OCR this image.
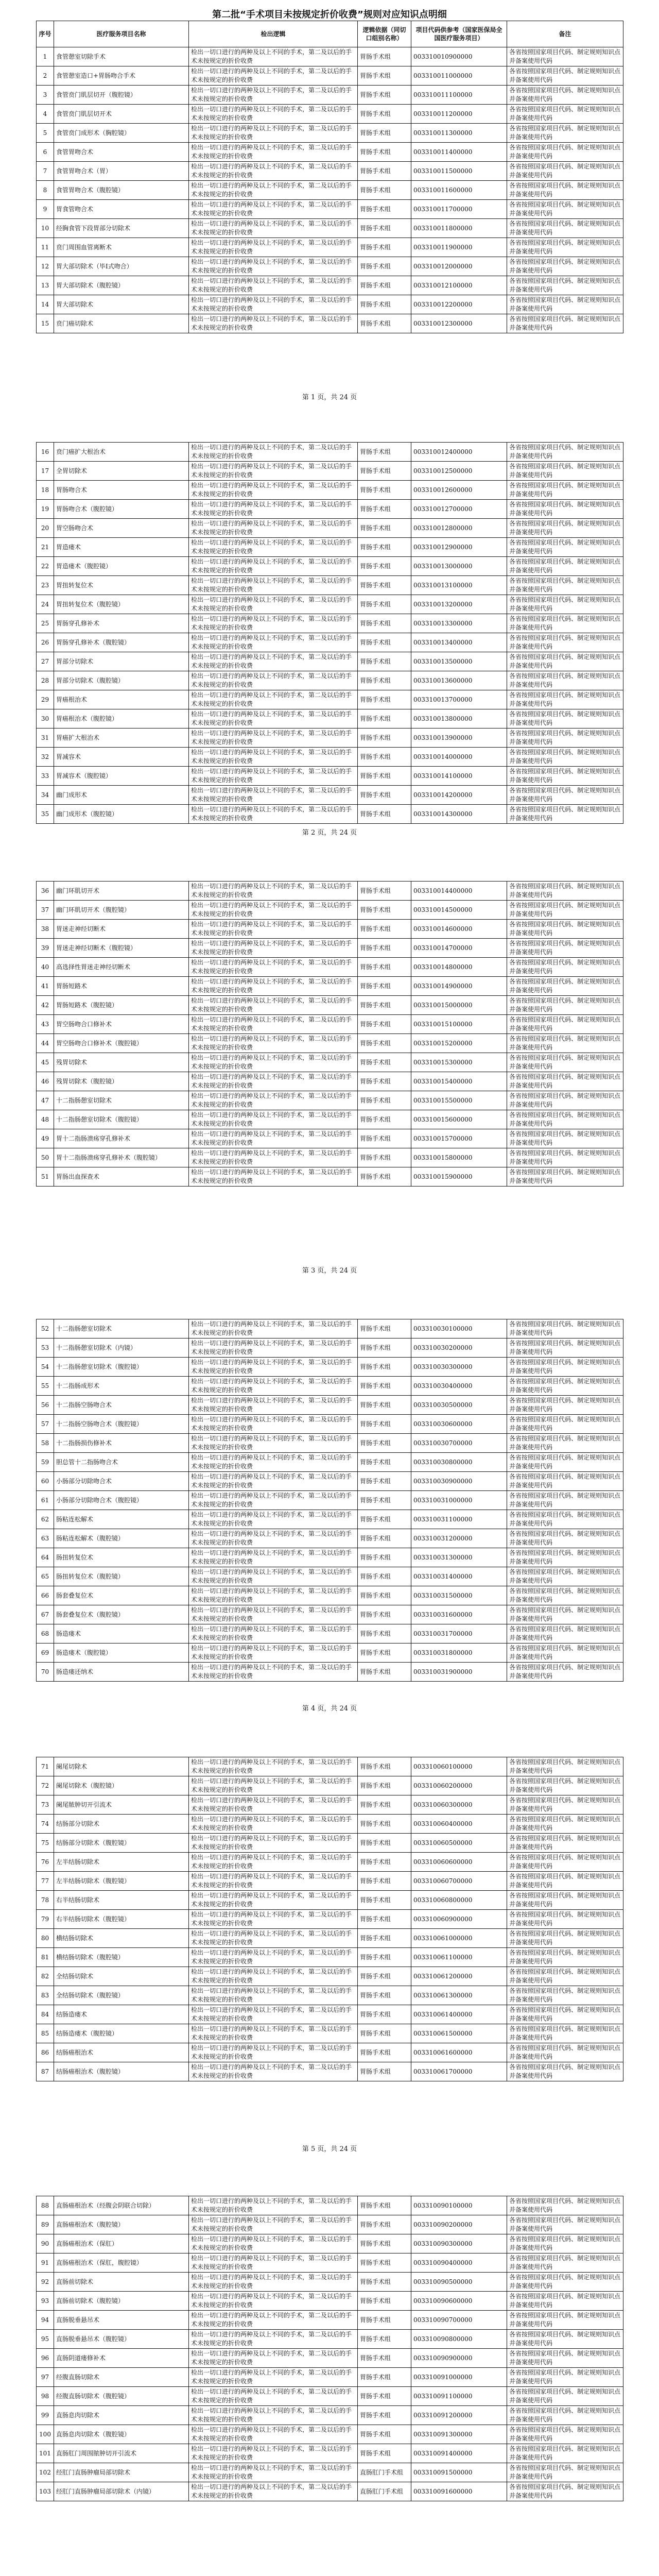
第二批“手术项目未按规定折价收费”规则对应知识点明细
序号	医疗服务项目名称	检出逻辑	逻辑依据（同切口组别名称）	项目代码供参考（国家医保局全国医疗服务项目）	备注
1	食管憩室切除手术	检出一切口进行的两种及以上不同的手术，第二及以后的手术未按规定的折价收费	胃肠手术组	003310010900000	各省按照国家项目代码、制定规则知识点并备案使用代码
2	食管憩室造口+胃肠吻合手术	检出一切口进行的两种及以上不同的手术，第二及以后的手术未按规定的折价收费	胃肠手术组	003310011000000	各省按照国家项目代码、制定规则知识点并备案使用代码
3	食管贲门肌层切开（腹腔镜）	检出一切口进行的两种及以上不同的手术，第二及以后的手术未按规定的折价收费	胃肠手术组	003310011100000	各省按照国家项目代码、制定规则知识点并备案使用代码
4	食管贲门肌层切开术	检出一切口进行的两种及以上不同的手术，第二及以后的手术未按规定的折价收费	胃肠手术组	003310011200000	各省按照国家项目代码、制定规则知识点并备案使用代码
5	食管贲门成形术（胸腔镜）	检出一切口进行的两种及以上不同的手术，第二及以后的手术未按规定的折价收费	胃肠手术组	003310011300000	各省按照国家项目代码、制定规则知识点并备案使用代码
6	食管胃吻合术	检出一切口进行的两种及以上不同的手术，第二及以后的手术未按规定的折价收费	胃肠手术组	003310011400000	各省按照国家项目代码、制定规则知识点并备案使用代码
7	食管胃吻合术（胃）	检出一切口进行的两种及以上不同的手术，第二及以后的手术未按规定的折价收费	胃肠手术组	003310011500000	各省按照国家项目代码、制定规则知识点并备案使用代码
8	食管胃吻合术（腹腔镜）	检出一切口进行的两种及以上不同的手术，第二及以后的手术未按规定的折价收费	胃肠手术组	003310011600000	各省按照国家项目代码、制定规则知识点并备案使用代码
9	胃食管吻合术	检出一切口进行的两种及以上不同的手术，第二及以后的手术未按规定的折价收费	胃肠手术组	003310011700000	各省按照国家项目代码、制定规则知识点并备案使用代码
10	经胸食管下段胃部分切除术	检出一切口进行的两种及以上不同的手术，第二及以后的手术未按规定的折价收费	胃肠手术组	003310011800000	各省按照国家项目代码、制定规则知识点并备案使用代码
11	贲门周围血管离断术	检出一切口进行的两种及以上不同的手术，第二及以后的手术未按规定的折价收费	胃肠手术组	003310011900000	各省按照国家项目代码、制定规则知识点并备案使用代码
12	胃大部切除术（毕I式吻合）	检出一切口进行的两种及以上不同的手术，第二及以后的手术未按规定的折价收费	胃肠手术组	003310012000000	各省按照国家项目代码、制定规则知识点并备案使用代码
13	胃大部切除术（腹腔镜）	检出一切口进行的两种及以上不同的手术，第二及以后的手术未按规定的折价收费	胃肠手术组	003310012100000	各省按照国家项目代码、制定规则知识点并备案使用代码
14	胃大部切除术	检出一切口进行的两种及以上不同的手术，第二及以后的手术未按规定的折价收费	胃肠手术组	003310012200000	各省按照国家项目代码、制定规则知识点并备案使用代码
15	贲门癌切除术	检出一切口进行的两种及以上不同的手术，第二及以后的手术未按规定的折价收费	胃肠手术组	003310012300000	各省按照国家项目代码、制定规则知识点并备案使用代码
第 1 页，共 24 页
16	贲门癌扩大根治术	检出一切口进行的两种及以上不同的手术，第二及以后的手术未按规定的折价收费	胃肠手术组	003310012400000	各省按照国家项目代码、制定规则知识点并备案使用代码
17	全胃切除术	检出一切口进行的两种及以上不同的手术，第二及以后的手术未按规定的折价收费	胃肠手术组	003310012500000	各省按照国家项目代码、制定规则知识点并备案使用代码
18	胃肠吻合术	检出一切口进行的两种及以上不同的手术，第二及以后的手术未按规定的折价收费	胃肠手术组	003310012600000	各省按照国家项目代码、制定规则知识点并备案使用代码
19	胃肠吻合术（腹腔镜）	检出一切口进行的两种及以上不同的手术，第二及以后的手术未按规定的折价收费	胃肠手术组	003310012700000	各省按照国家项目代码、制定规则知识点并备案使用代码
20	胃空肠吻合术	检出一切口进行的两种及以上不同的手术，第二及以后的手术未按规定的折价收费	胃肠手术组	003310012800000	各省按照国家项目代码、制定规则知识点并备案使用代码
21	胃造瘘术	检出一切口进行的两种及以上不同的手术，第二及以后的手术未按规定的折价收费	胃肠手术组	003310012900000	各省按照国家项目代码、制定规则知识点并备案使用代码
22	胃造瘘术（腹腔镜）	检出一切口进行的两种及以上不同的手术，第二及以后的手术未按规定的折价收费	胃肠手术组	003310013000000	各省按照国家项目代码、制定规则知识点并备案使用代码
23	胃扭转复位术	检出一切口进行的两种及以上不同的手术，第二及以后的手术未按规定的折价收费	胃肠手术组	003310013100000	各省按照国家项目代码、制定规则知识点并备案使用代码
24	胃扭转复位术（腹腔镜）	检出一切口进行的两种及以上不同的手术，第二及以后的手术未按规定的折价收费	胃肠手术组	003310013200000	各省按照国家项目代码、制定规则知识点并备案使用代码
25	胃肠穿孔修补术	检出一切口进行的两种及以上不同的手术，第二及以后的手术未按规定的折价收费	胃肠手术组	003310013300000	各省按照国家项目代码、制定规则知识点并备案使用代码
26	胃肠穿孔修补术（腹腔镜）	检出一切口进行的两种及以上不同的手术，第二及以后的手术未按规定的折价收费	胃肠手术组	003310013400000	各省按照国家项目代码、制定规则知识点并备案使用代码
27	胃部分切除术	检出一切口进行的两种及以上不同的手术，第二及以后的手术未按规定的折价收费	胃肠手术组	003310013500000	各省按照国家项目代码、制定规则知识点并备案使用代码
28	胃部分切除术（腹腔镜）	检出一切口进行的两种及以上不同的手术，第二及以后的手术未按规定的折价收费	胃肠手术组	003310013600000	各省按照国家项目代码、制定规则知识点并备案使用代码
29	胃癌根治术	检出一切口进行的两种及以上不同的手术，第二及以后的手术未按规定的折价收费	胃肠手术组	003310013700000	各省按照国家项目代码、制定规则知识点并备案使用代码
30	胃癌根治术（腹腔镜）	检出一切口进行的两种及以上不同的手术，第二及以后的手术未按规定的折价收费	胃肠手术组	003310013800000	各省按照国家项目代码、制定规则知识点并备案使用代码
31	胃癌扩大根治术	检出一切口进行的两种及以上不同的手术，第二及以后的手术未按规定的折价收费	胃肠手术组	003310013900000	各省按照国家项目代码、制定规则知识点并备案使用代码
32	胃减容术	检出一切口进行的两种及以上不同的手术，第二及以后的手术未按规定的折价收费	胃肠手术组	003310014000000	各省按照国家项目代码、制定规则知识点并备案使用代码
33	胃减容术（腹腔镜）	检出一切口进行的两种及以上不同的手术，第二及以后的手术未按规定的折价收费	胃肠手术组	003310014100000	各省按照国家项目代码、制定规则知识点并备案使用代码
34	幽门成形术	检出一切口进行的两种及以上不同的手术，第二及以后的手术未按规定的折价收费	胃肠手术组	003310014200000	各省按照国家项目代码、制定规则知识点并备案使用代码
35	幽门成形术（腹腔镜）	检出一切口进行的两种及以上不同的手术，第二及以后的手术未按规定的折价收费	胃肠手术组	003310014300000	各省按照国家项目代码、制定规则知识点并备案使用代码
第 2 页，共 24 页
36	幽门环肌切开术	检出一切口进行的两种及以上不同的手术，第二及以后的手术未按规定的折价收费	胃肠手术组	003310014400000	各省按照国家项目代码、制定规则知识点并备案使用代码
37	幽门环肌切开术（腹腔镜）	检出一切口进行的两种及以上不同的手术，第二及以后的手术未按规定的折价收费	胃肠手术组	003310014500000	各省按照国家项目代码、制定规则知识点并备案使用代码
38	胃迷走神经切断术	检出一切口进行的两种及以上不同的手术，第二及以后的手术未按规定的折价收费	胃肠手术组	003310014600000	各省按照国家项目代码、制定规则知识点并备案使用代码
39	胃迷走神经切断术（腹腔镜）	检出一切口进行的两种及以上不同的手术，第二及以后的手术未按规定的折价收费	胃肠手术组	003310014700000	各省按照国家项目代码、制定规则知识点并备案使用代码
40	高选择性胃迷走神经切断术	检出一切口进行的两种及以上不同的手术，第二及以后的手术未按规定的折价收费	胃肠手术组	003310014800000	各省按照国家项目代码、制定规则知识点并备案使用代码
41	胃肠短路术	检出一切口进行的两种及以上不同的手术，第二及以后的手术未按规定的折价收费	胃肠手术组	003310014900000	各省按照国家项目代码、制定规则知识点并备案使用代码
42	胃肠短路术（腹腔镜）	检出一切口进行的两种及以上不同的手术，第二及以后的手术未按规定的折价收费	胃肠手术组	003310015000000	各省按照国家项目代码、制定规则知识点并备案使用代码
43	胃空肠吻合口修补术	检出一切口进行的两种及以上不同的手术，第二及以后的手术未按规定的折价收费	胃肠手术组	003310015100000	各省按照国家项目代码、制定规则知识点并备案使用代码
44	胃空肠吻合口修补术（腹腔镜）	检出一切口进行的两种及以上不同的手术，第二及以后的手术未按规定的折价收费	胃肠手术组	003310015200000	各省按照国家项目代码、制定规则知识点并备案使用代码
45	残胃切除术	检出一切口进行的两种及以上不同的手术，第二及以后的手术未按规定的折价收费	胃肠手术组	003310015300000	各省按照国家项目代码、制定规则知识点并备案使用代码
46	残胃切除术（腹腔镜）	检出一切口进行的两种及以上不同的手术，第二及以后的手术未按规定的折价收费	胃肠手术组	003310015400000	各省按照国家项目代码、制定规则知识点并备案使用代码
47	十二指肠憩室切除术	检出一切口进行的两种及以上不同的手术，第二及以后的手术未按规定的折价收费	胃肠手术组	003310015500000	各省按照国家项目代码、制定规则知识点并备案使用代码
48	十二指肠憩室切除术（腹腔镜）	检出一切口进行的两种及以上不同的手术，第二及以后的手术未按规定的折价收费	胃肠手术组	003310015600000	各省按照国家项目代码、制定规则知识点并备案使用代码
49	胃十二指肠溃疡穿孔修补术	检出一切口进行的两种及以上不同的手术，第二及以后的手术未按规定的折价收费	胃肠手术组	003310015700000	各省按照国家项目代码、制定规则知识点并备案使用代码
50	胃十二指肠溃疡穿孔修补术（腹腔镜）	检出一切口进行的两种及以上不同的手术，第二及以后的手术未按规定的折价收费	胃肠手术组	003310015800000	各省按照国家项目代码、制定规则知识点并备案使用代码
51	胃肠出血探查术	检出一切口进行的两种及以上不同的手术，第二及以后的手术未按规定的折价收费	胃肠手术组	003310015900000	各省按照国家项目代码、制定规则知识点并备案使用代码
第 3 页，共 24 页
52	十二指肠憩室切除术	检出一切口进行的两种及以上不同的手术，第二及以后的手术未按规定的折价收费	胃肠手术组	003310030100000	各省按照国家项目代码、制定规则知识点并备案使用代码
53	十二指肠憩室切除术（内镜）	检出一切口进行的两种及以上不同的手术，第二及以后的手术未按规定的折价收费	胃肠手术组	003310030200000	各省按照国家项目代码、制定规则知识点并备案使用代码
54	十二指肠憩室切除术（腹腔镜）	检出一切口进行的两种及以上不同的手术，第二及以后的手术未按规定的折价收费	胃肠手术组	003310030300000	各省按照国家项目代码、制定规则知识点并备案使用代码
55	十二指肠成形术	检出一切口进行的两种及以上不同的手术，第二及以后的手术未按规定的折价收费	胃肠手术组	003310030400000	各省按照国家项目代码、制定规则知识点并备案使用代码
56	十二指肠空肠吻合术	检出一切口进行的两种及以上不同的手术，第二及以后的手术未按规定的折价收费	胃肠手术组	003310030500000	各省按照国家项目代码、制定规则知识点并备案使用代码
57	十二指肠空肠吻合术（腹腔镜）	检出一切口进行的两种及以上不同的手术，第二及以后的手术未按规定的折价收费	胃肠手术组	003310030600000	各省按照国家项目代码、制定规则知识点并备案使用代码
58	十二指肠损伤修补术	检出一切口进行的两种及以上不同的手术，第二及以后的手术未按规定的折价收费	胃肠手术组	003310030700000	各省按照国家项目代码、制定规则知识点并备案使用代码
59	胆总管十二指肠吻合术	检出一切口进行的两种及以上不同的手术，第二及以后的手术未按规定的折价收费	胃肠手术组	003310030800000	各省按照国家项目代码、制定规则知识点并备案使用代码
60	小肠部分切除吻合术	检出一切口进行的两种及以上不同的手术，第二及以后的手术未按规定的折价收费	胃肠手术组	003310030900000	各省按照国家项目代码、制定规则知识点并备案使用代码
61	小肠部分切除吻合术（腹腔镜）	检出一切口进行的两种及以上不同的手术，第二及以后的手术未按规定的折价收费	胃肠手术组	003310031000000	各省按照国家项目代码、制定规则知识点并备案使用代码
62	肠粘连松解术	检出一切口进行的两种及以上不同的手术，第二及以后的手术未按规定的折价收费	胃肠手术组	003310031100000	各省按照国家项目代码、制定规则知识点并备案使用代码
63	肠粘连松解术（腹腔镜）	检出一切口进行的两种及以上不同的手术，第二及以后的手术未按规定的折价收费	胃肠手术组	003310031200000	各省按照国家项目代码、制定规则知识点并备案使用代码
64	肠扭转复位术	检出一切口进行的两种及以上不同的手术，第二及以后的手术未按规定的折价收费	胃肠手术组	003310031300000	各省按照国家项目代码、制定规则知识点并备案使用代码
65	肠扭转复位术（腹腔镜）	检出一切口进行的两种及以上不同的手术，第二及以后的手术未按规定的折价收费	胃肠手术组	003310031400000	各省按照国家项目代码、制定规则知识点并备案使用代码
66	肠套叠复位术	检出一切口进行的两种及以上不同的手术，第二及以后的手术未按规定的折价收费	胃肠手术组	003310031500000	各省按照国家项目代码、制定规则知识点并备案使用代码
67	肠套叠复位术（腹腔镜）	检出一切口进行的两种及以上不同的手术，第二及以后的手术未按规定的折价收费	胃肠手术组	003310031600000	各省按照国家项目代码、制定规则知识点并备案使用代码
68	肠造瘘术	检出一切口进行的两种及以上不同的手术，第二及以后的手术未按规定的折价收费	胃肠手术组	003310031700000	各省按照国家项目代码、制定规则知识点并备案使用代码
69	肠造瘘术（腹腔镜）	检出一切口进行的两种及以上不同的手术，第二及以后的手术未按规定的折价收费	胃肠手术组	003310031800000	各省按照国家项目代码、制定规则知识点并备案使用代码
70	肠造瘘还纳术	检出一切口进行的两种及以上不同的手术，第二及以后的手术未按规定的折价收费	胃肠手术组	003310031900000	各省按照国家项目代码、制定规则知识点并备案使用代码
第 4 页，共 24 页
71	阑尾切除术	检出一切口进行的两种及以上不同的手术，第二及以后的手术未按规定的折价收费	胃肠手术组	003310060100000	各省按照国家项目代码、制定规则知识点并备案使用代码
72	阑尾切除术（腹腔镜）	检出一切口进行的两种及以上不同的手术，第二及以后的手术未按规定的折价收费	胃肠手术组	003310060200000	各省按照国家项目代码、制定规则知识点并备案使用代码
73	阑尾脓肿切开引流术	检出一切口进行的两种及以上不同的手术，第二及以后的手术未按规定的折价收费	胃肠手术组	003310060300000	各省按照国家项目代码、制定规则知识点并备案使用代码
74	结肠部分切除术	检出一切口进行的两种及以上不同的手术，第二及以后的手术未按规定的折价收费	胃肠手术组	003310060400000	各省按照国家项目代码、制定规则知识点并备案使用代码
75	结肠部分切除术（腹腔镜）	检出一切口进行的两种及以上不同的手术，第二及以后的手术未按规定的折价收费	胃肠手术组	003310060500000	各省按照国家项目代码、制定规则知识点并备案使用代码
76	左半结肠切除术	检出一切口进行的两种及以上不同的手术，第二及以后的手术未按规定的折价收费	胃肠手术组	003310060600000	各省按照国家项目代码、制定规则知识点并备案使用代码
77	左半结肠切除术（腹腔镜）	检出一切口进行的两种及以上不同的手术，第二及以后的手术未按规定的折价收费	胃肠手术组	003310060700000	各省按照国家项目代码、制定规则知识点并备案使用代码
78	右半结肠切除术	检出一切口进行的两种及以上不同的手术，第二及以后的手术未按规定的折价收费	胃肠手术组	003310060800000	各省按照国家项目代码、制定规则知识点并备案使用代码
79	右半结肠切除术（腹腔镜）	检出一切口进行的两种及以上不同的手术，第二及以后的手术未按规定的折价收费	胃肠手术组	003310060900000	各省按照国家项目代码、制定规则知识点并备案使用代码
80	横结肠切除术	检出一切口进行的两种及以上不同的手术，第二及以后的手术未按规定的折价收费	胃肠手术组	003310061000000	各省按照国家项目代码、制定规则知识点并备案使用代码
81	横结肠切除术（腹腔镜）	检出一切口进行的两种及以上不同的手术，第二及以后的手术未按规定的折价收费	胃肠手术组	003310061100000	各省按照国家项目代码、制定规则知识点并备案使用代码
82	全结肠切除术	检出一切口进行的两种及以上不同的手术，第二及以后的手术未按规定的折价收费	胃肠手术组	003310061200000	各省按照国家项目代码、制定规则知识点并备案使用代码
83	全结肠切除术（腹腔镜）	检出一切口进行的两种及以上不同的手术，第二及以后的手术未按规定的折价收费	胃肠手术组	003310061300000	各省按照国家项目代码、制定规则知识点并备案使用代码
84	结肠造瘘术	检出一切口进行的两种及以上不同的手术，第二及以后的手术未按规定的折价收费	胃肠手术组	003310061400000	各省按照国家项目代码、制定规则知识点并备案使用代码
85	结肠造瘘术（腹腔镜）	检出一切口进行的两种及以上不同的手术，第二及以后的手术未按规定的折价收费	胃肠手术组	003310061500000	各省按照国家项目代码、制定规则知识点并备案使用代码
86	结肠癌根治术	检出一切口进行的两种及以上不同的手术，第二及以后的手术未按规定的折价收费	胃肠手术组	003310061600000	各省按照国家项目代码、制定规则知识点并备案使用代码
87	结肠癌根治术（腹腔镜）	检出一切口进行的两种及以上不同的手术，第二及以后的手术未按规定的折价收费	胃肠手术组	003310061700000	各省按照国家项目代码、制定规则知识点并备案使用代码
第 5 页，共 24 页
88	直肠癌根治术（经腹会阴联合切除）	检出一切口进行的两种及以上不同的手术，第二及以后的手术未按规定的折价收费	胃肠手术组	003310090100000	各省按照国家项目代码、制定规则知识点并备案使用代码
89	直肠癌根治术（腹腔镜）	检出一切口进行的两种及以上不同的手术，第二及以后的手术未按规定的折价收费	胃肠手术组	003310090200000	各省按照国家项目代码、制定规则知识点并备案使用代码
90	直肠癌根治术（保肛）	检出一切口进行的两种及以上不同的手术，第二及以后的手术未按规定的折价收费	胃肠手术组	003310090300000	各省按照国家项目代码、制定规则知识点并备案使用代码
91	直肠癌根治术（保肛，腹腔镜）	检出一切口进行的两种及以上不同的手术，第二及以后的手术未按规定的折价收费	胃肠手术组	003310090400000	各省按照国家项目代码、制定规则知识点并备案使用代码
92	直肠前切除术	检出一切口进行的两种及以上不同的手术，第二及以后的手术未按规定的折价收费	胃肠手术组	003310090500000	各省按照国家项目代码、制定规则知识点并备案使用代码
93	直肠前切除术（腹腔镜）	检出一切口进行的两种及以上不同的手术，第二及以后的手术未按规定的折价收费	胃肠手术组	003310090600000	各省按照国家项目代码、制定规则知识点并备案使用代码
94	直肠脱垂悬吊术	检出一切口进行的两种及以上不同的手术，第二及以后的手术未按规定的折价收费	胃肠手术组	003310090700000	各省按照国家项目代码、制定规则知识点并备案使用代码
95	直肠脱垂悬吊术（腹腔镜）	检出一切口进行的两种及以上不同的手术，第二及以后的手术未按规定的折价收费	胃肠手术组	003310090800000	各省按照国家项目代码、制定规则知识点并备案使用代码
96	直肠阴道瘘修补术	检出一切口进行的两种及以上不同的手术，第二及以后的手术未按规定的折价收费	胃肠手术组	003310090900000	各省按照国家项目代码、制定规则知识点并备案使用代码
97	经腹直肠切除术	检出一切口进行的两种及以上不同的手术，第二及以后的手术未按规定的折价收费	胃肠手术组	003310091000000	各省按照国家项目代码、制定规则知识点并备案使用代码
98	经腹直肠切除术（腹腔镜）	检出一切口进行的两种及以上不同的手术，第二及以后的手术未按规定的折价收费	胃肠手术组	003310091100000	各省按照国家项目代码、制定规则知识点并备案使用代码
99	直肠息肉切除术	检出一切口进行的两种及以上不同的手术，第二及以后的手术未按规定的折价收费	胃肠手术组	003310091200000	各省按照国家项目代码、制定规则知识点并备案使用代码
100	直肠息肉切除术（腹腔镜）	检出一切口进行的两种及以上不同的手术，第二及以后的手术未按规定的折价收费	胃肠手术组	003310091300000	各省按照国家项目代码、制定规则知识点并备案使用代码
101	直肠肛门周围脓肿切开引流术	检出一切口进行的两种及以上不同的手术，第二及以后的手术未按规定的折价收费	胃肠手术组	003310091400000	各省按照国家项目代码、制定规则知识点并备案使用代码
102	经肛门直肠肿瘤局部切除术	检出一切口进行的两种及以上不同的手术，第二及以后的手术未按规定的折价收费	直肠肛门手术组	003310091500000	各省按照国家项目代码、制定规则知识点并备案使用代码
103	经肛门直肠肿瘤局部切除术（内镜）	检出一切口进行的两种及以上不同的手术，第二及以后的手术未按规定的折价收费	直肠肛门手术组	003310091600000	各省按照国家项目代码、制定规则知识点并备案使用代码
